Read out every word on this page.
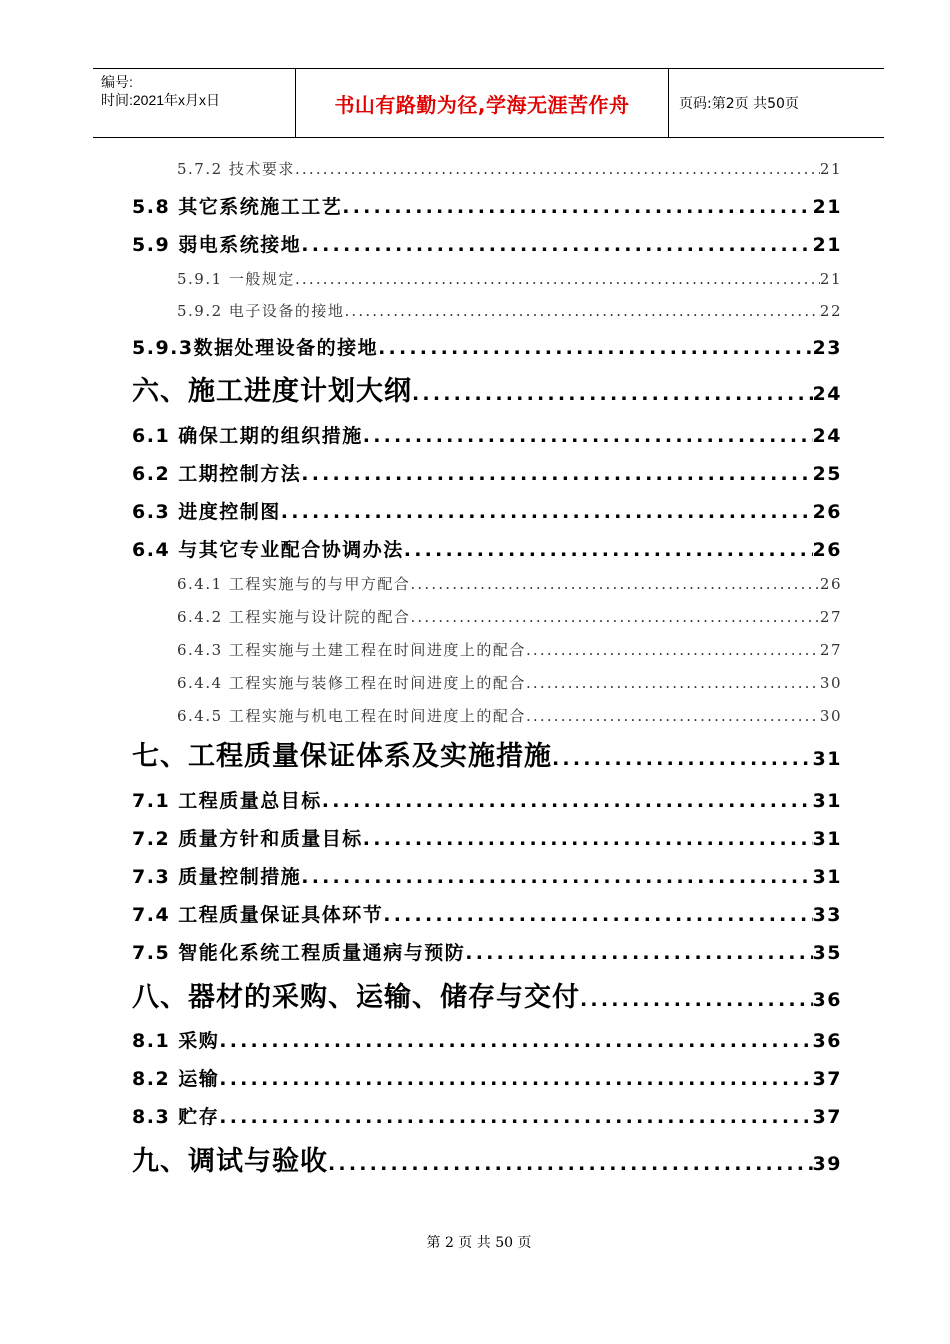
编号:
时间:2021年x月x日	书山有路勤为径,学海无涯苦作舟	页码:第2页 共50页
5.7.2 技术要求 .....	21
5.8 其它系统施工工艺 .....	21
5.9 弱电系统接地 .....	21
5.9.1 一般规定 .....	21
5.9.2 电子设备的接地 .....	22
5.9.3数据处理设备的接地 .....	23
六、施工进度计划大纲 .....	24
6.1 确保工期的组织措施 .....	24
6.2 工期控制方法 .....	25
6.3 进度控制图 .....	26
6.4 与其它专业配合协调办法 .....	26
6.4.1 工程实施与的与甲方配合 .....	26
6.4.2 工程实施与设计院的配合 .....	27
6.4.3 工程实施与土建工程在时间进度上的配合 .....	27
6.4.4 工程实施与装修工程在时间进度上的配合 .....	30
6.4.5 工程实施与机电工程在时间进度上的配合 .....	30
七、工程质量保证体系及实施措施 .....	31
7.1 工程质量总目标 .....	31
7.2 质量方针和质量目标 .....	31
7.3 质量控制措施 .....	31
7.4 工程质量保证具体环节 .....	33
7.5 智能化系统工程质量通病与预防 .....	35
八、器材的采购、运输、储存与交付 .....	36
8.1 采购 .....	36
8.2 运输 .....	37
8.3 贮存 .....	37
九、调试与验收 .....	39
第 2 页 共 50 页
